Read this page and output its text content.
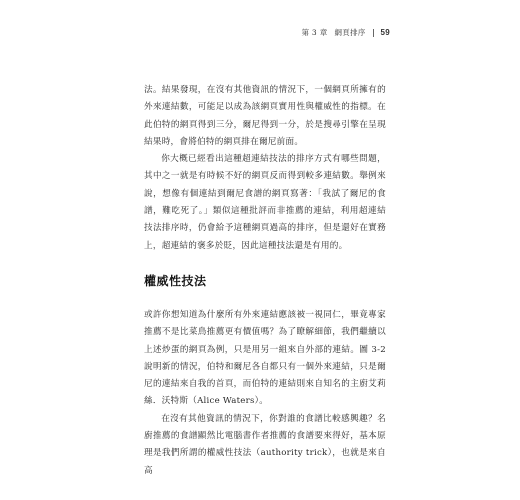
第 3 章 網頁排序 59

法。結果發現，在沒有其他資訊的情況下，一個網頁所擁有的外來連結數，可能足以成為該網頁實用性與權威性的指標。在此伯特的網頁得到三分，爾尼得到一分，於是搜尋引擎在呈現結果時，會將伯特的網頁排在爾尼前面。

你大概已經看出這種超連結技法的排序方式有哪些問題，其中之一就是有時候不好的網頁反而得到較多連結數。舉例來說，想像有個連結到爾尼食譜的網頁寫著：「我試了爾尼的食譜，難吃死了。」類似這種批評而非推薦的連結，利用超連結技法排序時，仍會給予這種網頁過高的排序，但是還好在實務上，超連結的褒多於貶，因此這種技法還是有用的。

權威性技法

或許你想知道為什麼所有外來連結應該被一視同仁，畢竟專家推薦不是比菜鳥推薦更有價值嗎？為了瞭解細節，我們繼續以上述炒蛋的網頁為例，只是用另一組來自外部的連結。圖 3-2說明新的情況，伯特和爾尼各自都只有一個外來連結，只是爾尼的連結來自我的首頁，而伯特的連結則來自知名的主廚艾莉絲．沃特斯（Alice Waters）。

在沒有其他資訊的情況下，你對誰的食譜比較感興趣？名廚推薦的食譜顯然比電腦書作者推薦的食譜要來得好，基本原理是我們所謂的權威性技法（authority trick），也就是來自高
